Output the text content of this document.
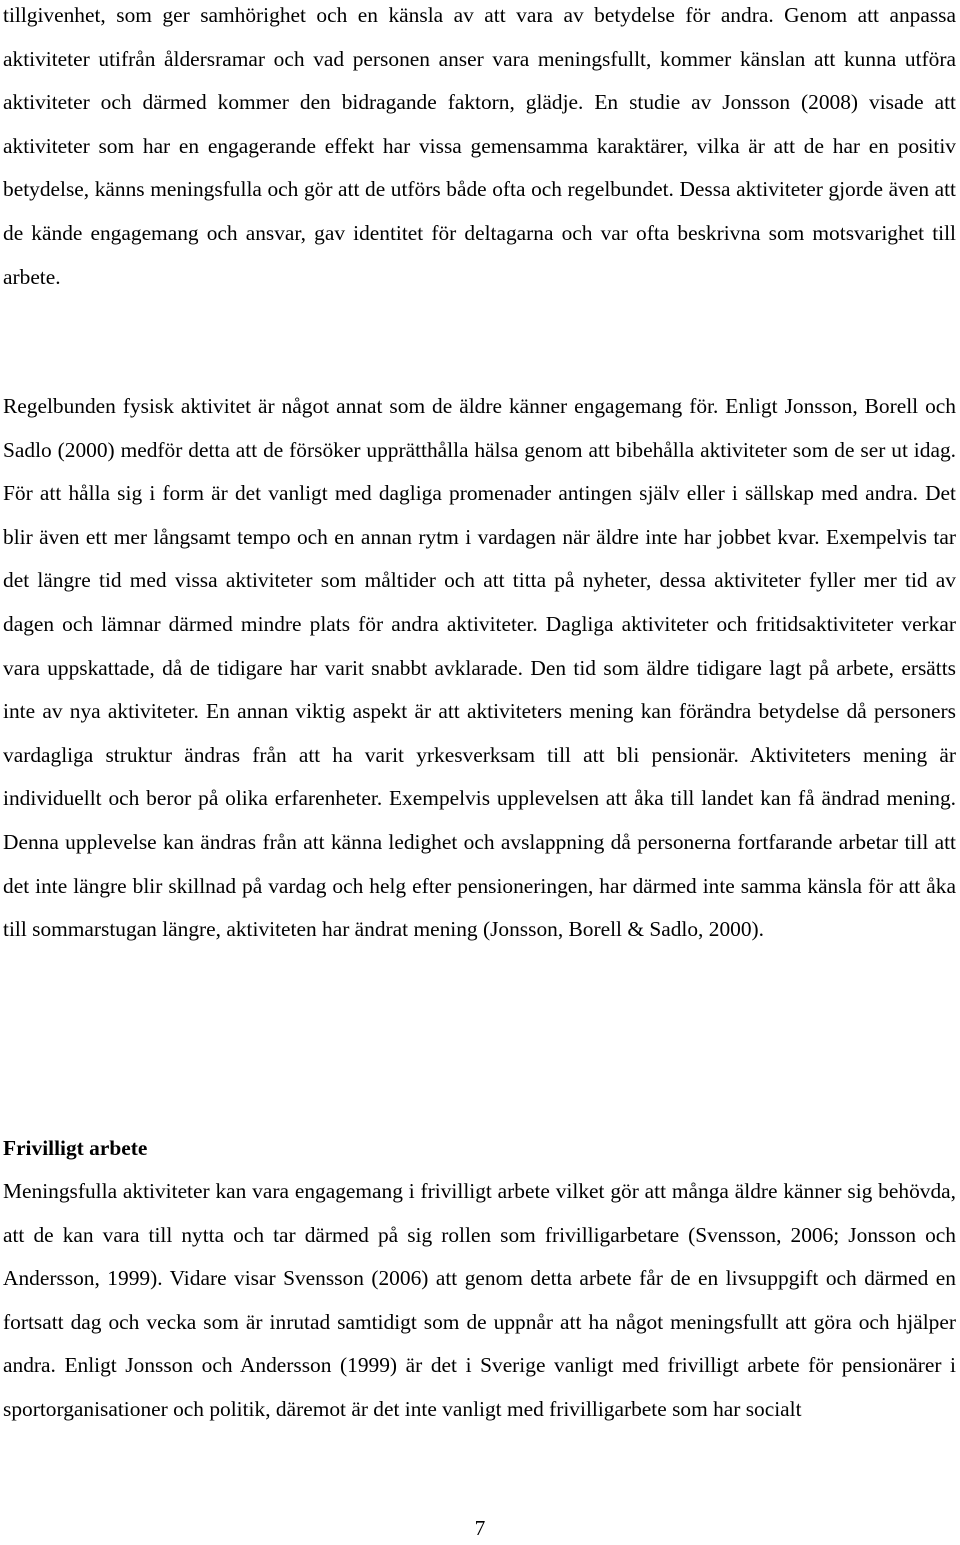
tillgivenhet, som ger samhörighet och en känsla av att vara av betydelse för andra. Genom att anpassa aktiviteter utifrån åldersramar och vad personen anser vara meningsfullt, kommer känslan att kunna utföra aktiviteter och därmed kommer den bidragande faktorn, glädje. En studie av Jonsson (2008) visade att aktiviteter som har en engagerande effekt har vissa gemensamma karaktärer, vilka är att de har en positiv betydelse, känns meningsfulla och gör att de utförs både ofta och regelbundet. Dessa aktiviteter gjorde även att de kände engagemang och ansvar, gav identitet för deltagarna och var ofta beskrivna som motsvarighet till arbete.

Regelbunden fysisk aktivitet är något annat som de äldre känner engagemang för. Enligt Jonsson, Borell och Sadlo (2000) medför detta att de försöker upprätthålla hälsa genom att bibehålla aktiviteter som de ser ut idag. För att hålla sig i form är det vanligt med dagliga promenader antingen själv eller i sällskap med andra. Det blir även ett mer långsamt tempo och en annan rytm i vardagen när äldre inte har jobbet kvar. Exempelvis tar det längre tid med vissa aktiviteter som måltider och att titta på nyheter, dessa aktiviteter fyller mer tid av dagen och lämnar därmed mindre plats för andra aktiviteter. Dagliga aktiviteter och fritidsaktiviteter verkar vara uppskattade, då de tidigare har varit snabbt avklarade. Den tid som äldre tidigare lagt på arbete, ersätts inte av nya aktiviteter. En annan viktig aspekt är att aktiviteters mening kan förändra betydelse då personers vardagliga struktur ändras från att ha varit yrkesverksam till att bli pensionär. Aktiviteters mening är individuellt och beror på olika erfarenheter. Exempelvis upplevelsen att åka till landet kan få ändrad mening. Denna upplevelse kan ändras från att känna ledighet och avslappning då personerna fortfarande arbetar till att det inte längre blir skillnad på vardag och helg efter pensioneringen, har därmed inte samma känsla för att åka till sommarstugan längre, aktiviteten har ändrat mening (Jonsson, Borell & Sadlo, 2000).

Frivilligt arbete

Meningsfulla aktiviteter kan vara engagemang i frivilligt arbete vilket gör att många äldre känner sig behövda, att de kan vara till nytta och tar därmed på sig rollen som frivilligarbetare (Svensson, 2006; Jonsson och Andersson, 1999). Vidare visar Svensson (2006) att genom detta arbete får de en livsuppgift och därmed en fortsatt dag och vecka som är inrutad samtidigt som de uppnår att ha något meningsfullt att göra och hjälper andra. Enligt Jonsson och Andersson (1999) är det i Sverige vanligt med frivilligt arbete för pensionärer i sportorganisationer och politik, däremot är det inte vanligt med frivilligarbete som har socialt

7
